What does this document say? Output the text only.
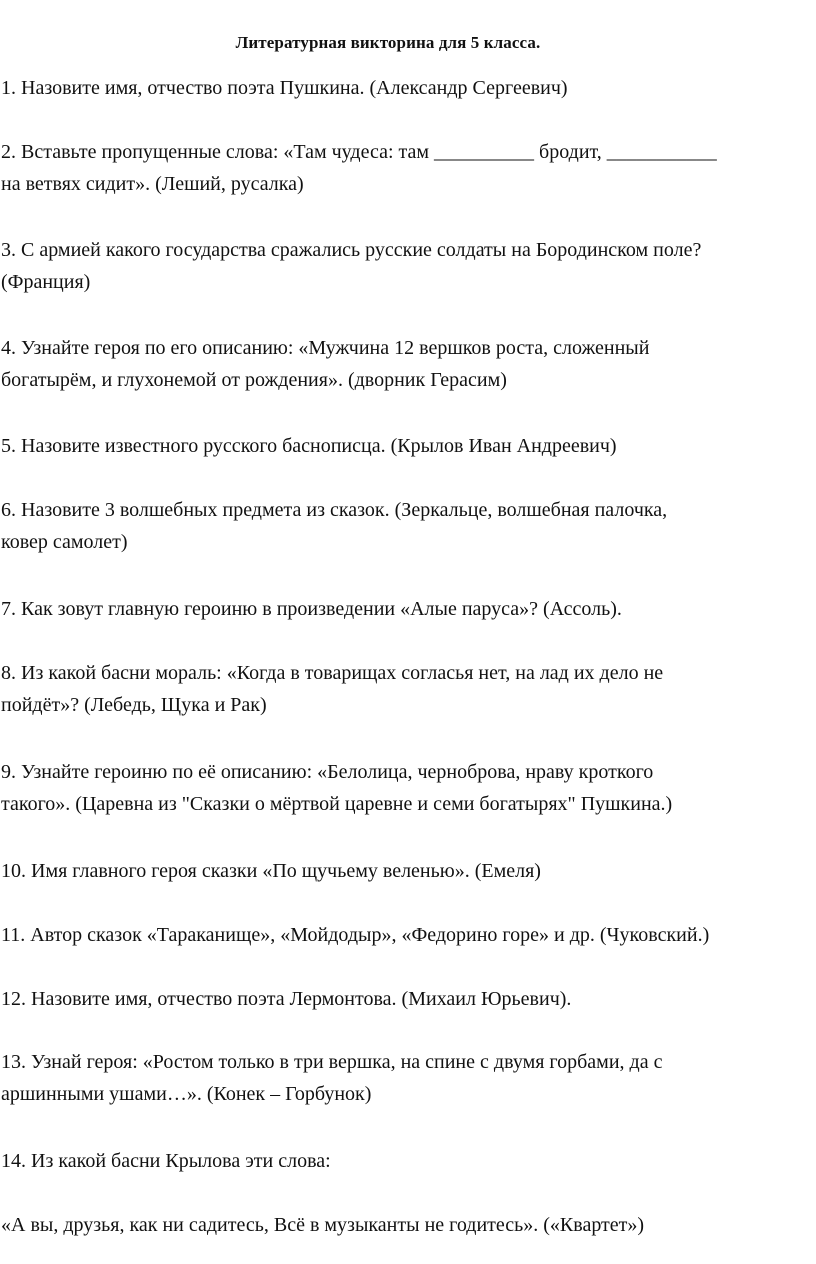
Литературная викторина для 5 класса.
1. Назовите имя, отчество поэта Пушкина. (Александр Сергеевич)
2. Вставьте пропущенные слова: «Там чудеса: там __________ бродит, ___________
на ветвях сидит». (Леший, русалка)
3. С армией какого государства сражались русские солдаты на Бородинском поле?
(Франция)
4. Узнайте героя по его описанию: «Мужчина 12 вершков роста, сложенный
богатырём, и глухонемой от рождения». (дворник Герасим)
5. Назовите известного русского баснописца. (Крылов Иван Андреевич)
6. Назовите 3 волшебных предмета из сказок. (Зеркальце, волшебная палочка,
ковер самолет)
7. Как зовут главную героиню в произведении «Алые паруса»? (Ассоль).
8. Из какой басни мораль: «Когда в товарищах согласья нет, на лад их дело не
пойдёт»? (Лебедь, Щука и Рак)
9. Узнайте героиню по её описанию: «Белолица, черноброва, нраву кроткого
такого». (Царевна из "Сказки о мёртвой царевне и семи богатырях" Пушкина.)
10. Имя главного героя сказки «По щучьему веленью». (Емеля)
11. Автор сказок «Тараканище», «Мойдодыр», «Федорино горе» и др. (Чуковский.)
12. Назовите имя, отчество поэта Лермонтова. (Михаил Юрьевич).
13. Узнай героя: «Ростом только в три вершка, на спине с двумя горбами, да с
аршинными ушами…». (Конек – Горбунок)
14. Из какой басни Крылова эти слова:
«А вы, друзья, как ни садитесь, Всё в музыканты не годитесь». («Квартет»)
